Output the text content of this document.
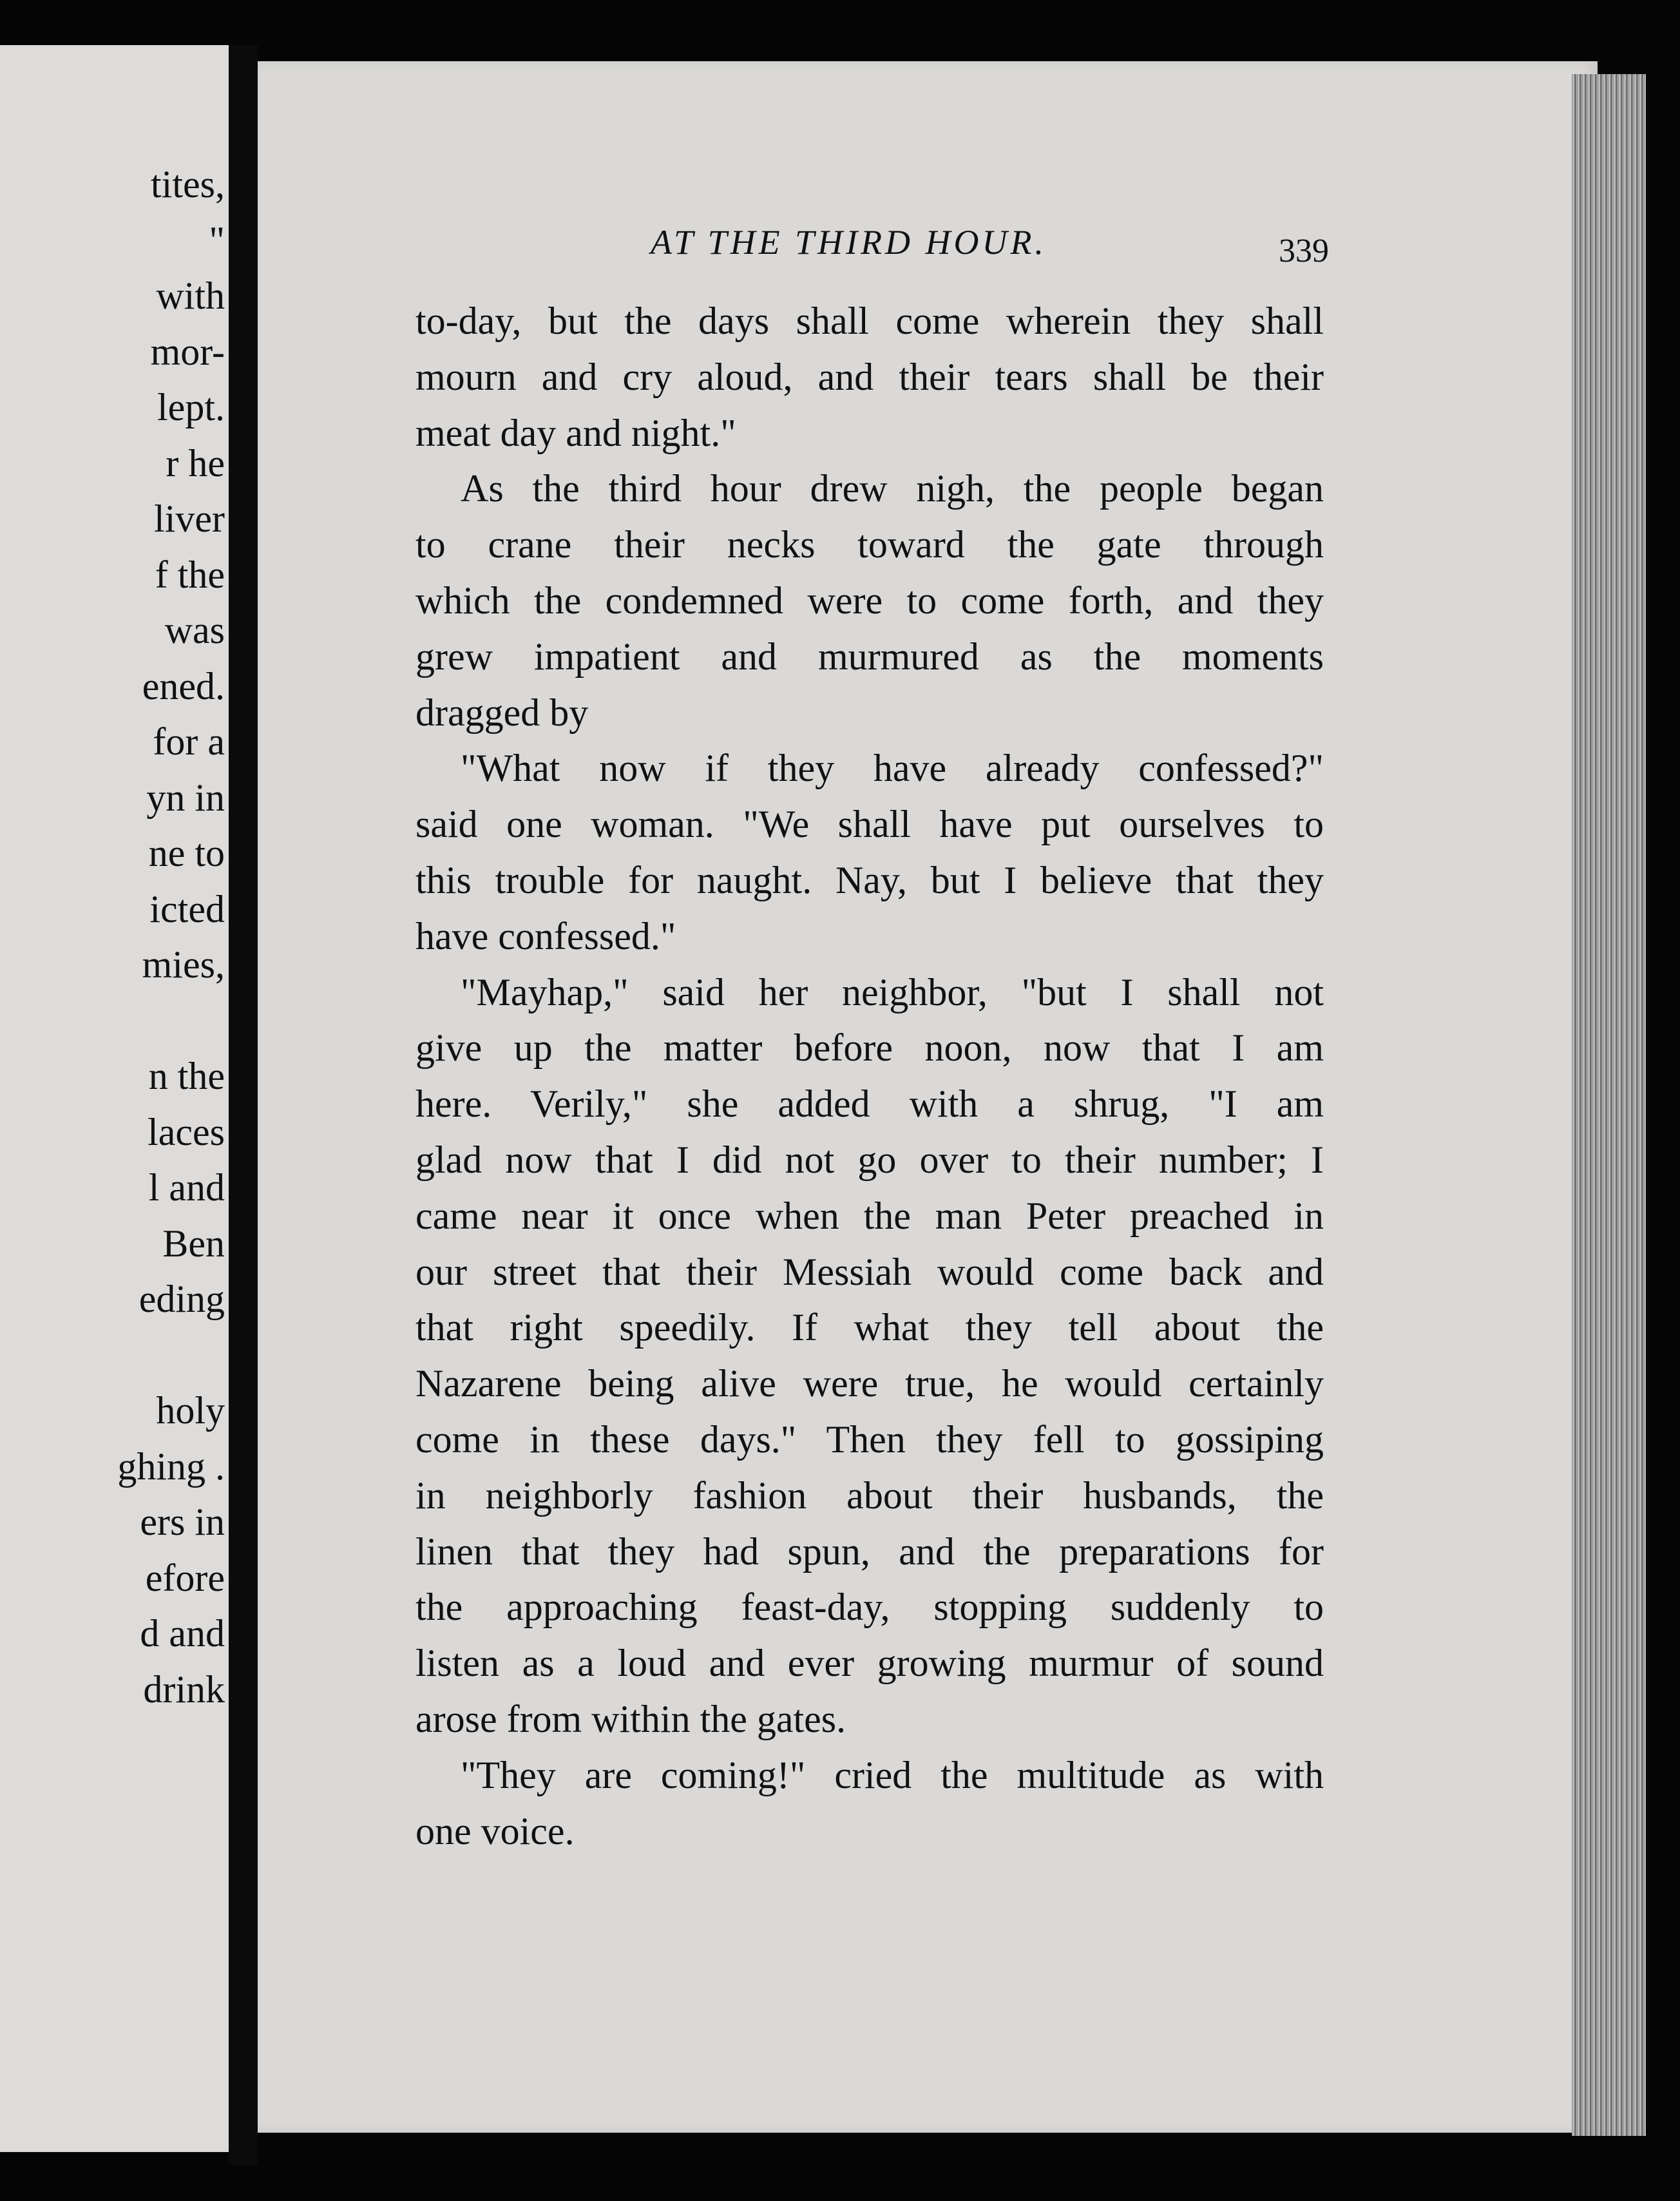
tites,
"
with
mor-
lept.
r he
liver
f the
was
ened.
for a
yn in
ne to
icted
mies,
n the
laces
l and
Ben
eding
holy
ghing .
ers in
efore
d and
drink
AT THE THIRD HOUR.	339

to-day, but the days shall come wherein they shall
mourn and cry aloud, and their tears shall be their
meat day and night."

As the third hour drew nigh, the people began
to crane their necks toward the gate through
which the condemned were to come forth, and they
grew impatient and murmured as the moments
dragged by

"What now if they have already confessed?"
said one woman. "We shall have put ourselves to
this trouble for naught. Nay, but I believe that they
have confessed."

"Mayhap," said her neighbor, "but I shall not
give up the matter before noon, now that I am
here. Verily," she added with a shrug, "I am
glad now that I did not go over to their number; I
came near it once when the man Peter preached in
our street that their Messiah would come back and
that right speedily. If what they tell about the
Nazarene being alive were true, he would certainly
come in these days." Then they fell to gossiping
in neighborly fashion about their husbands, the
linen that they had spun, and the preparations for
the approaching feast-day, stopping suddenly to
listen as a loud and ever growing murmur of sound
arose from within the gates.

"They are coming!" cried the multitude as with
one voice.
